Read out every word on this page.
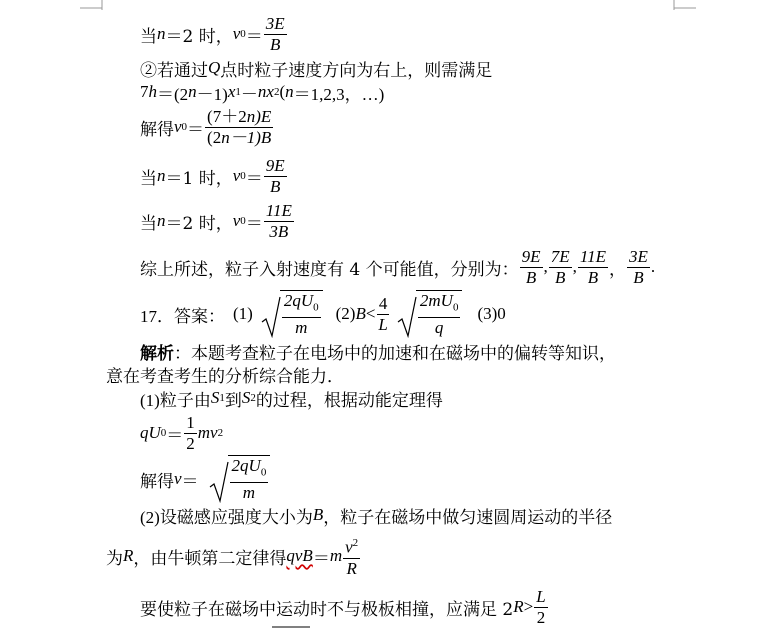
当 n ＝2 时， v $0 = \frac{3E}{B}$
②若通过 Q 点时粒子速度方向为右上，则需满足
7 h ＝(2 n －1) x 1 － n x 2 ( n ＝1,2,3，…)
解得 v $0 = \frac{(7+2n)E}{(2n-1)B}$
当 n ＝1 时， v $0 = \frac{9E}{B}$
当 n ＝2 时， v $0 = \frac{11E}{3B}$
综上所述，粒子入射速度有 4 个可能值，分别为： $\frac{9E}{B}$ , $\frac{7E}{B}$ , $\frac{11E}{B}$ ， $\frac{3E}{B}$ .
17． 答案： $(1) \frac{2qU_0}{m} (2) B < \frac{4}{L} \frac{2mU_0}{q} (3)0$
解析 ：本题考查粒子在电场中的加速和在磁场中的偏转等知识，
意在考查考生的分析综合能力．
(1)粒子由 S 1 到 S 2 的过程，根据动能定理得
qU $0 = \frac{1}{2}$ mv 2
解得 $v = \frac{2qU_0}{m}$
(2)设磁感应强度大小为 B ，粒子在磁场中做匀速圆周运动的半径
为 R ，由牛顿第二定律得 qvB ＝ m $\frac{v^2}{R}$
要使粒子在磁场中运动时不与极板相撞，应满足 2 $R > \frac{L}{2}$
